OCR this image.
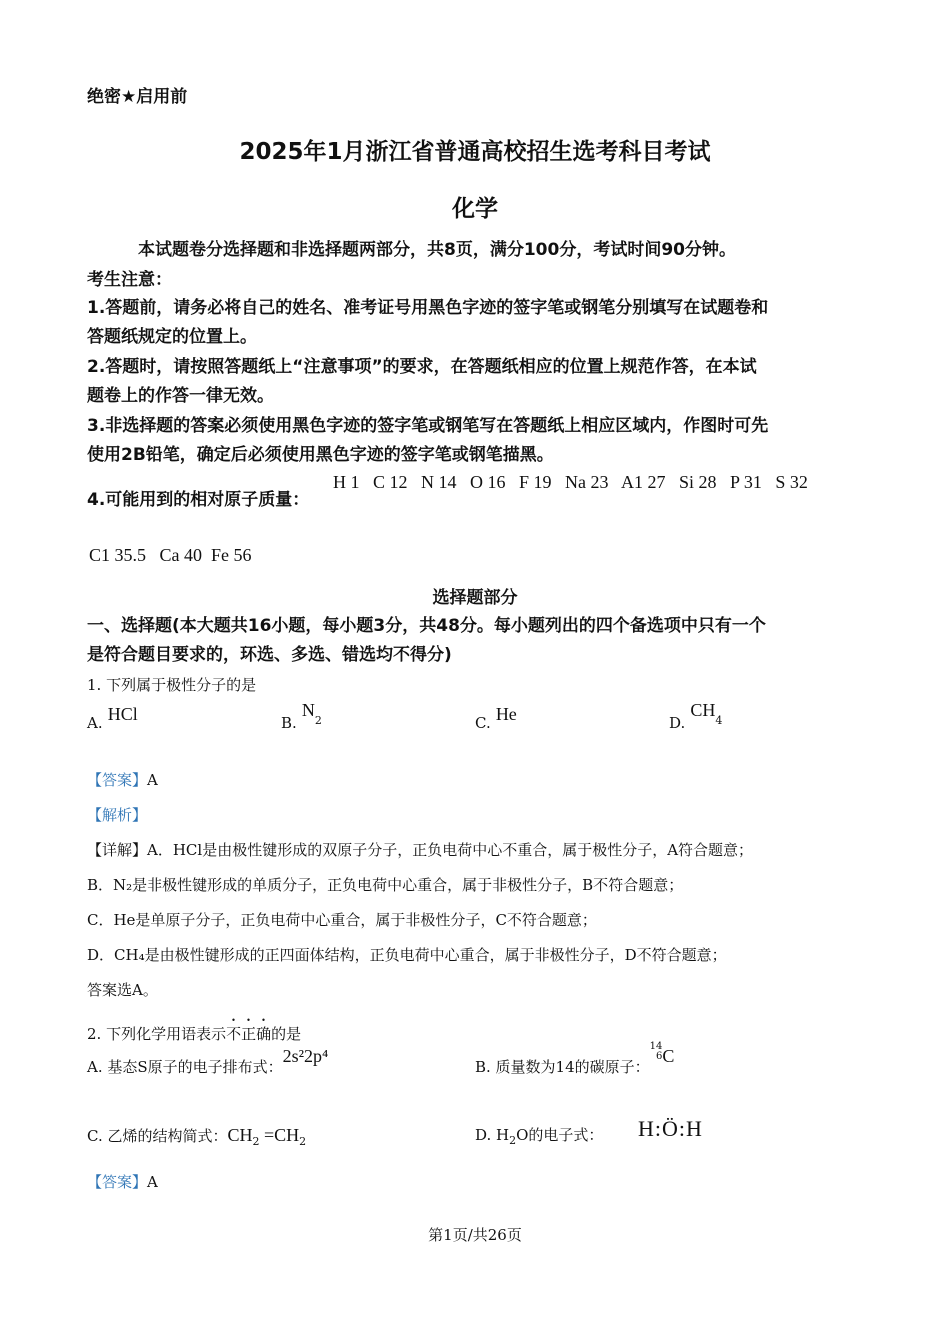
绝密★启用前
2025年1月浙江省普通高校招生选考科目考试
化学
本试题卷分选择题和非选择题两部分，共8页，满分100分，考试时间90分钟。
考生注意：
1.答题前，请务必将自己的姓名、准考证号用黑色字迹的签字笔或钢笔分别填写在试题卷和
答题纸规定的位置上。
2.答题时，请按照答题纸上“注意事项”的要求，在答题纸相应的位置上规范作答，在本试
题卷上的作答一律无效。
3.非选择题的答案必须使用黑色字迹的签字笔或钢笔写在答题纸上相应区域内，作图时可先
使用2B铅笔，确定后必须使用黑色字迹的签字笔或钢笔描黑。
4.可能用到的相对原子质量：
H 1   C 12   N 14   O 16   F 19   Na 23   A1 27   Si 28   P 31   S 32
C1 35.5   Ca 40  Fe 56
选择题部分
一、选择题(本大题共16小题，每小题3分，共48分。每小题列出的四个备选项中只有一个
是符合题目要求的，环选、多选、错选均不得分)
1. 下列属于极性分子的是
A. HCl	B. $N_2$	C. He	D. $CH_4$
【答案】A
【解析】
【详解】A．HCl是由极性键形成的双原子分子，正负电荷中心不重合，属于极性分子，A符合题意；
B．N₂是非极性键形成的单质分子，正负电荷中心重合，属于非极性分子，B不符合题意；
C．He是单原子分子，正负电荷中心重合，属于非极性分子，C不符合题意；
D．CH₄是由极性键形成的正四面体结构，正负电荷中心重合，属于非极性分子，D不符合题意；
答案选A。
2. 下列化学用语表示不正确的是
A. 基态S原子的电子排布式：2s²2p⁴
B. 质量数为14的碳原子：14
6C
C. 乙烯的结构简式：$CH_2 =CH_2$	D. $H_2O$的电子式： H:Ö:H
【答案】A
第1页/共26页
